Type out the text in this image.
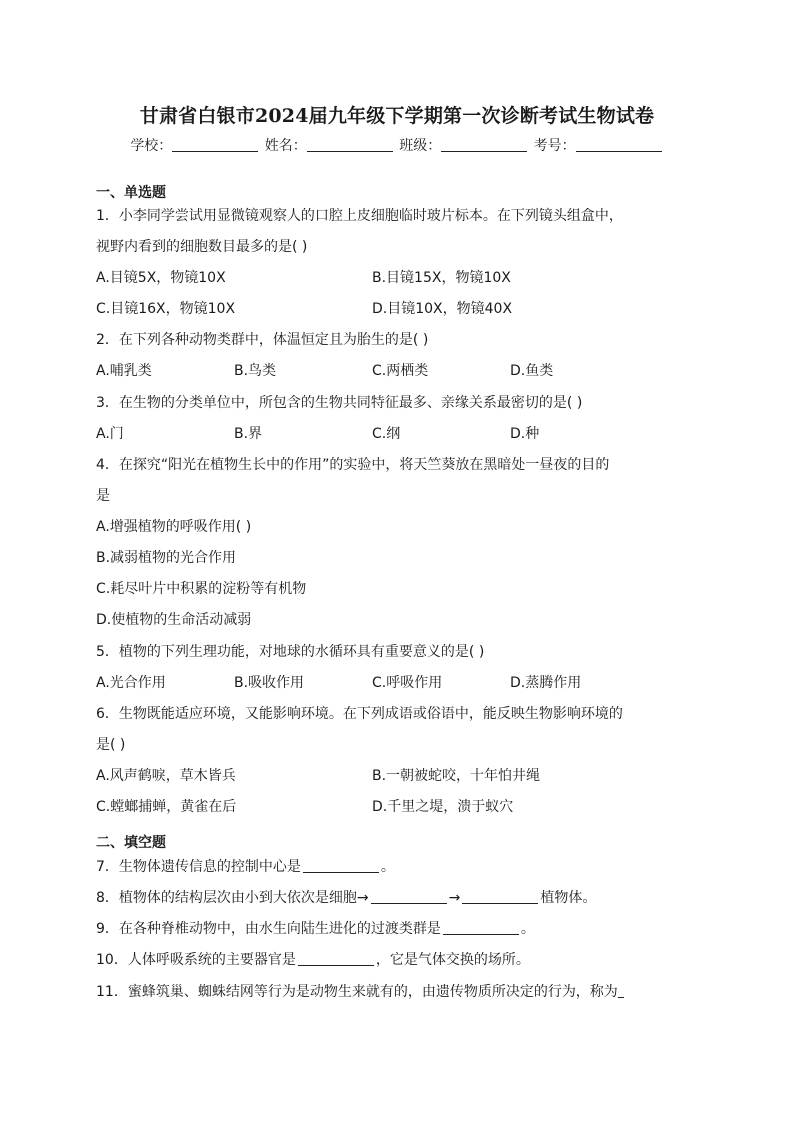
甘肃省白银市2024届九年级下学期第一次诊断考试生物试卷
学校：	姓名：	班级：	考号：
一、单选题
1．小李同学尝试用显微镜观察人的口腔上皮细胞临时玻片标本。在下列镜头组盒中，
视野内看到的细胞数目最多的是( )
A.目镜5X，物镜10X	B.目镜15X，物镜10X
C.目镜16X，物镜10X	D.目镜10X，物镜40X
2．在下列各种动物类群中，体温恒定且为胎生的是( )
A.哺乳类	B.鸟类	C.两栖类	D.鱼类
3．在生物的分类单位中，所包含的生物共同特征最多、亲缘关系最密切的是( )
A.门	B.界	C.纲	D.种
4．在探究“阳光在植物生长中的作用”的实验中，将天竺葵放在黑暗处一昼夜的目的
是
A.增强植物的呼吸作用( )
B.减弱植物的光合作用
C.耗尽叶片中积累的淀粉等有机物
D.使植物的生命活动减弱
5．植物的下列生理功能，对地球的水循环具有重要意义的是( )
A.光合作用	B.吸收作用	C.呼吸作用	D.蒸腾作用
6．生物既能适应环境，又能影响环境。在下列成语或俗语中，能反映生物影响环境的
是( )
A.风声鹤唳，草木皆兵	B.一朝被蛇咬，十年怕井绳
C.螳螂捕蝉，黄雀在后	D.千里之堤，溃于蚁穴
二、填空题
7．生物体遗传信息的控制中心是	。
8．植物体的结构层次由小到大依次是细胞→	→	植物体。
9．在各种脊椎动物中，由水生向陆生进化的过渡类群是	。
10．人体呼吸系统的主要器官是	，它是气体交换的场所。
11．蜜蜂筑巢、蜘蛛结网等行为是动物生来就有的，由遗传物质所决定的行为，称为
